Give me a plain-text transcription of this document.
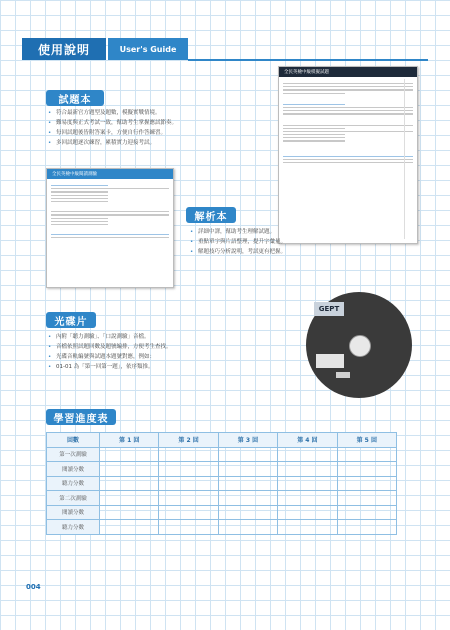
使用說明	User's Guide
試題本
• 符合最新官方題型及題數，模擬實戰情境。
• 難易度與正式考試一致，幫助考生掌握應試節奏。
• 每回試題後皆附答案卡，方便自行作答練習。
• 多回試題逐次練習，累積實力迎接考試。
全民英檢中級模擬試題
全民英檢中級閱讀測驗
解析本
• 詳細中譯，幫助考生理解試題。
• 重點單字與片語整理，提升字彙量。
• 解題技巧分析說明，考試更有把握。
GEPT
光碟片
• 內附「聽力測驗」、「口說測驗」音檔。
• 音檔依照試題回數及題號編排，方便考生查找。
• 光碟音軌編號與試題本題號對應，例如：
• 01-01 為「第一回第一題」，依序類推。
學習進度表
回數	第 1 回	第 2 回	第 3 回	第 4 回	第 5 回
第一次測驗					
閱讀分數					
聽力分數					
第二次測驗					
閱讀分數					
聽力分數					
004
